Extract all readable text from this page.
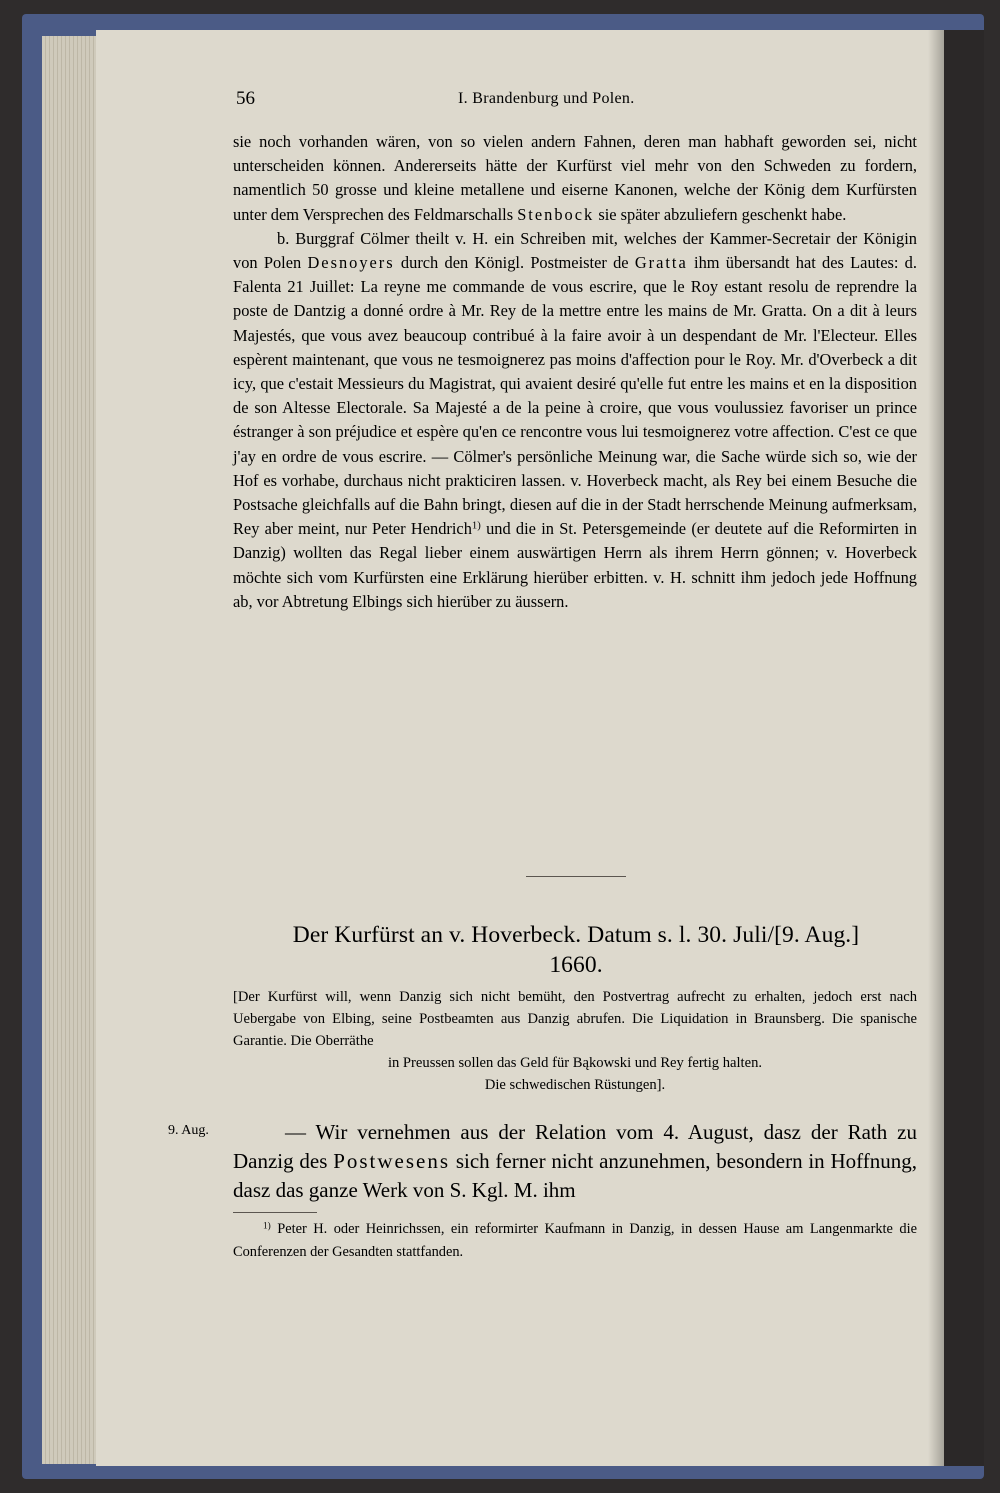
56	I. Brandenburg und Polen.

sie noch vorhanden wären, von so vielen andern Fahnen, deren man habhaft geworden sei, nicht unterscheiden können. Andererseits hätte der Kurfürst viel mehr von den Schweden zu fordern, namentlich 50 grosse und kleine metallene und eiserne Kanonen, welche der König dem Kurfürsten unter dem Versprechen des Feldmarschalls Stenbock sie später abzuliefern geschenkt habe.

b. Burggraf Cölmer theilt v. H. ein Schreiben mit, welches der Kammer-Secretair der Königin von Polen Desnoyers durch den Königl. Postmeister de Gratta ihm übersandt hat des Lautes: d. Falenta 21 Juillet: La reyne me commande de vous escrire, que le Roy estant resolu de reprendre la poste de Dantzig a donné ordre à Mr. Rey de la mettre entre les mains de Mr. Gratta. On a dit à leurs Majestés, que vous avez beaucoup contribué à la faire avoir à un despendant de Mr. l'Electeur. Elles espèrent maintenant, que vous ne tesmoignerez pas moins d'affection pour le Roy. Mr. d'Overbeck a dit icy, que c'estait Messieurs du Magistrat, qui avaient desiré qu'elle fut entre les mains et en la disposition de son Altesse Electorale. Sa Majesté a de la peine à croire, que vous voulussiez favoriser un prince éstranger à son préjudice et espère qu'en ce rencontre vous lui tesmoignerez votre affection. C'est ce que j'ay en ordre de vous escrire. — Cölmer's persönliche Meinung war, die Sache würde sich so, wie der Hof es vorhabe, durchaus nicht prakticiren lassen. v. Hoverbeck macht, als Rey bei einem Besuche die Postsache gleichfalls auf die Bahn bringt, diesen auf die in der Stadt herrschende Meinung aufmerksam, Rey aber meint, nur Peter Hendrich$^{1)}$ und die in St. Petersgemeinde (er deutete auf die Reformirten in Danzig) wollten das Regal lieber einem auswärtigen Herrn als ihrem Herrn gönnen; v. Hoverbeck möchte sich vom Kurfürsten eine Erklärung hierüber erbitten. v. H. schnitt ihm jedoch jede Hoffnung ab, vor Abtretung Elbings sich hierüber zu äussern.

Der Kurfürst an v. Hoverbeck. Datum s. l. 30. Juli/[9. Aug.]
1660.
[Der Kurfürst will, wenn Danzig sich nicht bemüht, den Postvertrag aufrecht zu erhalten, jedoch erst nach Uebergabe von Elbing, seine Postbeamten aus Danzig abrufen. Die Liquidation in Braunsberg. Die spanische Garantie. Die Oberräthe
in Preussen sollen das Geld für Bąkowski und Rey fertig halten.
Die schwedischen Rüstungen].
9. Aug.	— Wir vernehmen aus der Relation vom 4. August, dasz der Rath zu Danzig des Postwesens sich ferner nicht anzunehmen, besondern in Hoffnung, dasz das ganze Werk von S. Kgl. M. ihm

$^{1)}$ Peter H. oder Heinrichssen, ein reformirter Kaufmann in Danzig, in dessen Hause am Langenmarkte die Conferenzen der Gesandten stattfanden.
